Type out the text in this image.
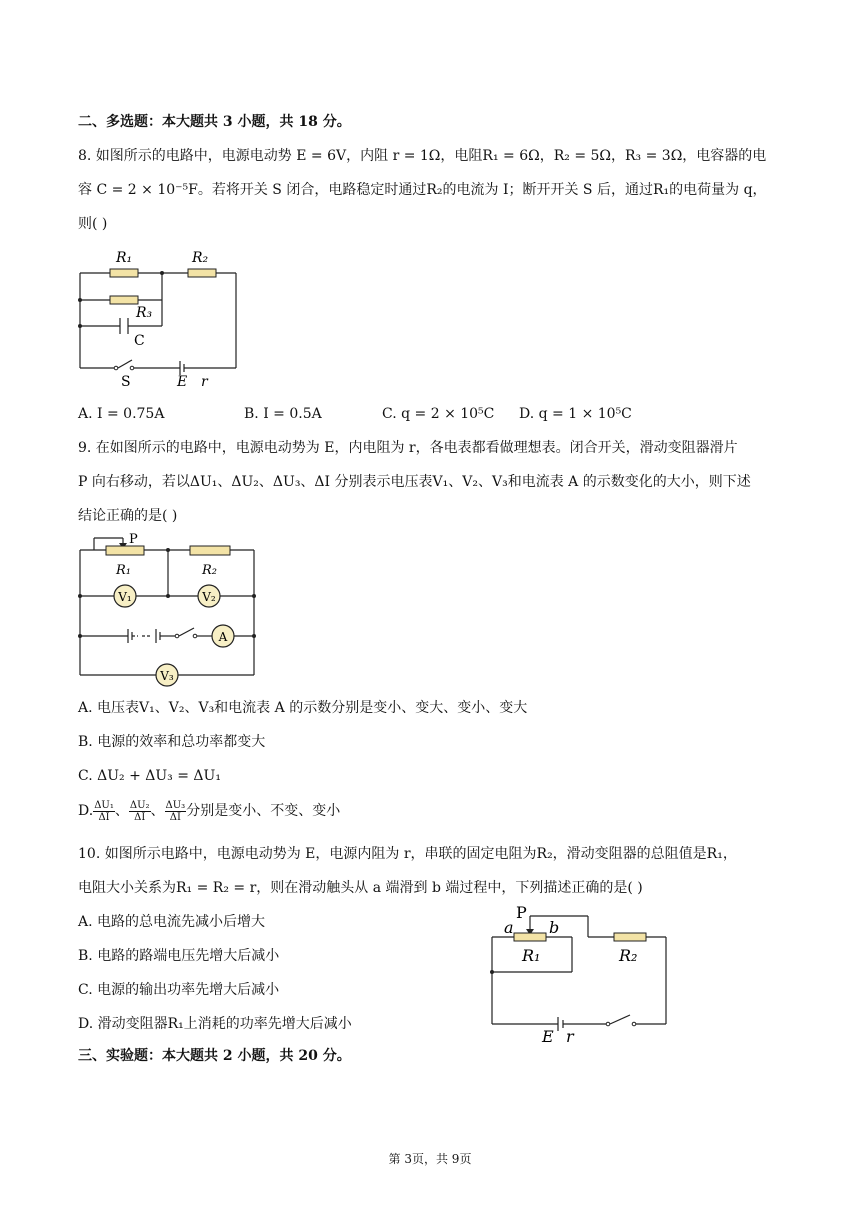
二、多选题：本大题共 3 小题，共 18 分。
8. 如图所示的电路中，电源电动势 E = 6V，内阻 r = 1Ω，电阻R₁ = 6Ω，R₂ = 5Ω，R₃ = 3Ω，电容器的电
容 C = 2 × 10⁻⁵F。若将开关 S 闭合，电路稳定时通过R₂的电流为 I；断开开关 S 后，通过R₁的电荷量为 q，
则( )
R₁	R₂
R₃
C
S	E r
A. I = 0.75A	B. I = 0.5A	C. q = 2 × 10⁵C D. q = 1 × 10⁵C
9. 在如图所示的电路中，电源电动势为 E，内电阻为 r，各电表都看做理想表。闭合开关，滑动变阻器滑片
P 向右移动，若以ΔU₁、ΔU₂、ΔU₃、ΔI 分别表示电压表V₁、V₂、V₃和电流表 A 的示数变化的大小，则下述
结论正确的是( )
P
R₁	R₂
V₁	V₂
A
V₃
A. 电压表V₁、V₂、V₃和电流表 A 的示数分别是变小、变大、变小、变大
B. 电源的效率和总功率都变大
C. ΔU₂ + ΔU₃ = ΔU₁
D. $\frac{\text{ΔU₁}}{\Delta I}$ 、 $\frac{\text{ΔU₂}}{\Delta I}$ 、 $\frac{\text{ΔU₃}}{\Delta I}$ 分别是变小、不变、变小
10. 如图所示电路中，电源电动势为 E，电源内阻为 r，串联的固定电阻为R₂，滑动变阻器的总阻值是R₁，
电阻大小关系为R₁ = R₂ = r，则在滑动触头从 a 端滑到 b 端过程中，下列描述正确的是( )
A. 电路的总电流先减小后增大
B. 电路的路端电压先增大后减小
C. 电源的输出功率先增大后减小
D. 滑动变阻器R₁上消耗的功率先增大后减小
P
a b
R₁	R₂
E r
三、实验题：本大题共 2 小题，共 20 分。
第 3页，共 9页
